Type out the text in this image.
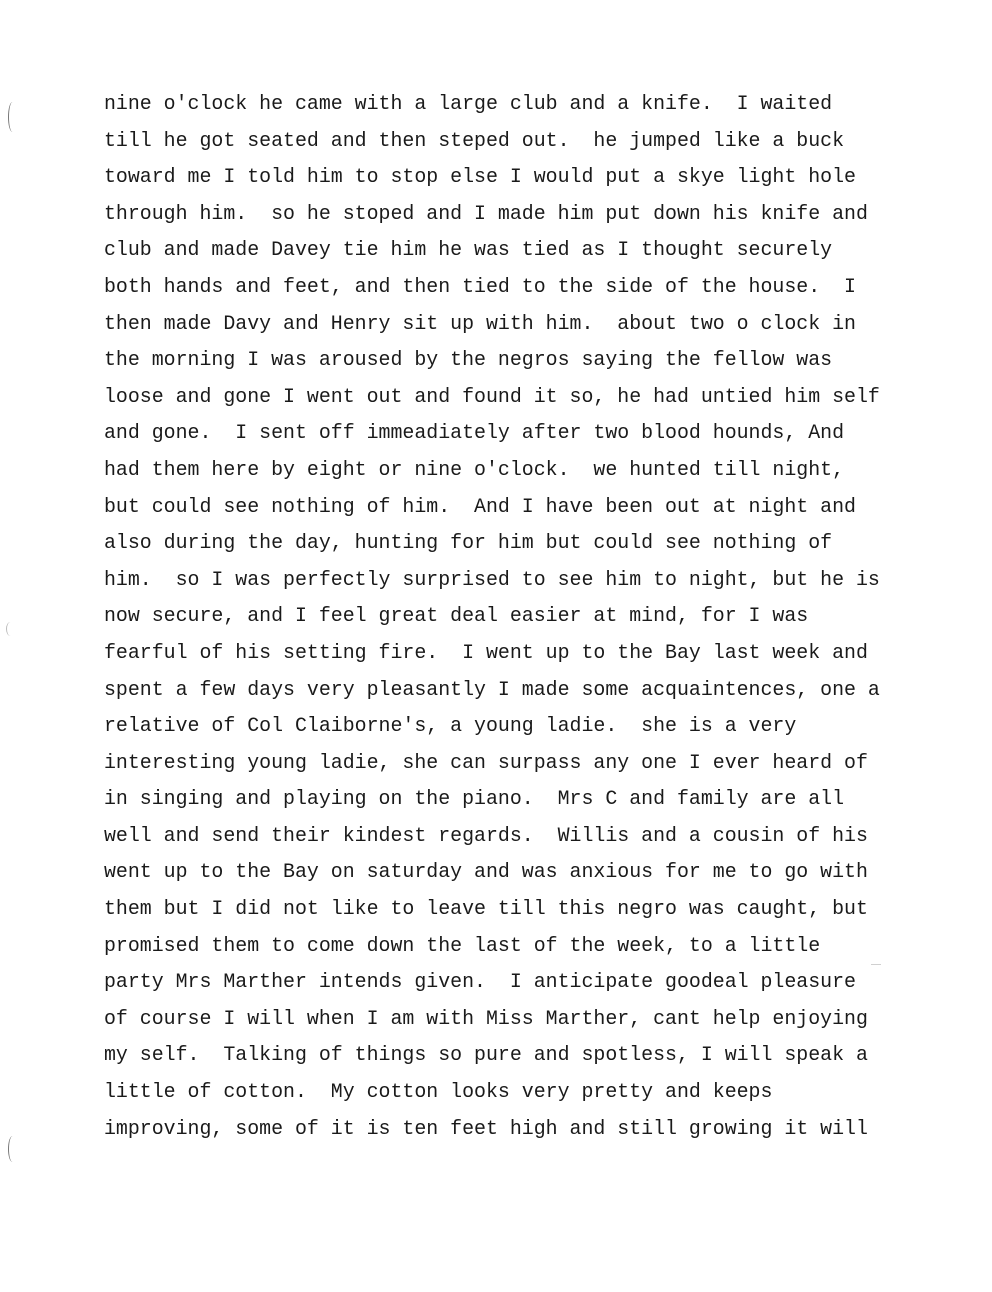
nine o'clock he came with a large club and a knife.  I waited
till he got seated and then steped out.  he jumped like a buck
toward me I told him to stop else I would put a skye light hole
through him.  so he stoped and I made him put down his knife and
club and made Davey tie him he was tied as I thought securely
both hands and feet, and then tied to the side of the house.  I
then made Davy and Henry sit up with him.  about two o clock in
the morning I was aroused by the negros saying the fellow was
loose and gone I went out and found it so, he had untied him self
and gone.  I sent off immeadiately after two blood hounds, And
had them here by eight or nine o'clock.  we hunted till night,
but could see nothing of him.  And I have been out at night and
also during the day, hunting for him but could see nothing of
him.  so I was perfectly surprised to see him to night, but he is
now secure, and I feel great deal easier at mind, for I was
fearful of his setting fire.  I went up to the Bay last week and
spent a few days very pleasantly I made some acquaintences, one a
relative of Col Claiborne's, a young ladie.  she is a very
interesting young ladie, she can surpass any one I ever heard of
in singing and playing on the piano.  Mrs C and family are all
well and send their kindest regards.  Willis and a cousin of his
went up to the Bay on saturday and was anxious for me to go with
them but I did not like to leave till this negro was caught, but
promised them to come down the last of the week, to a little
party Mrs Marther intends given.  I anticipate goodeal pleasure
of course I will when I am with Miss Marther, cant help enjoying
my self.  Talking of things so pure and spotless, I will speak a
little of cotton.  My cotton looks very pretty and keeps
improving, some of it is ten feet high and still growing it will
